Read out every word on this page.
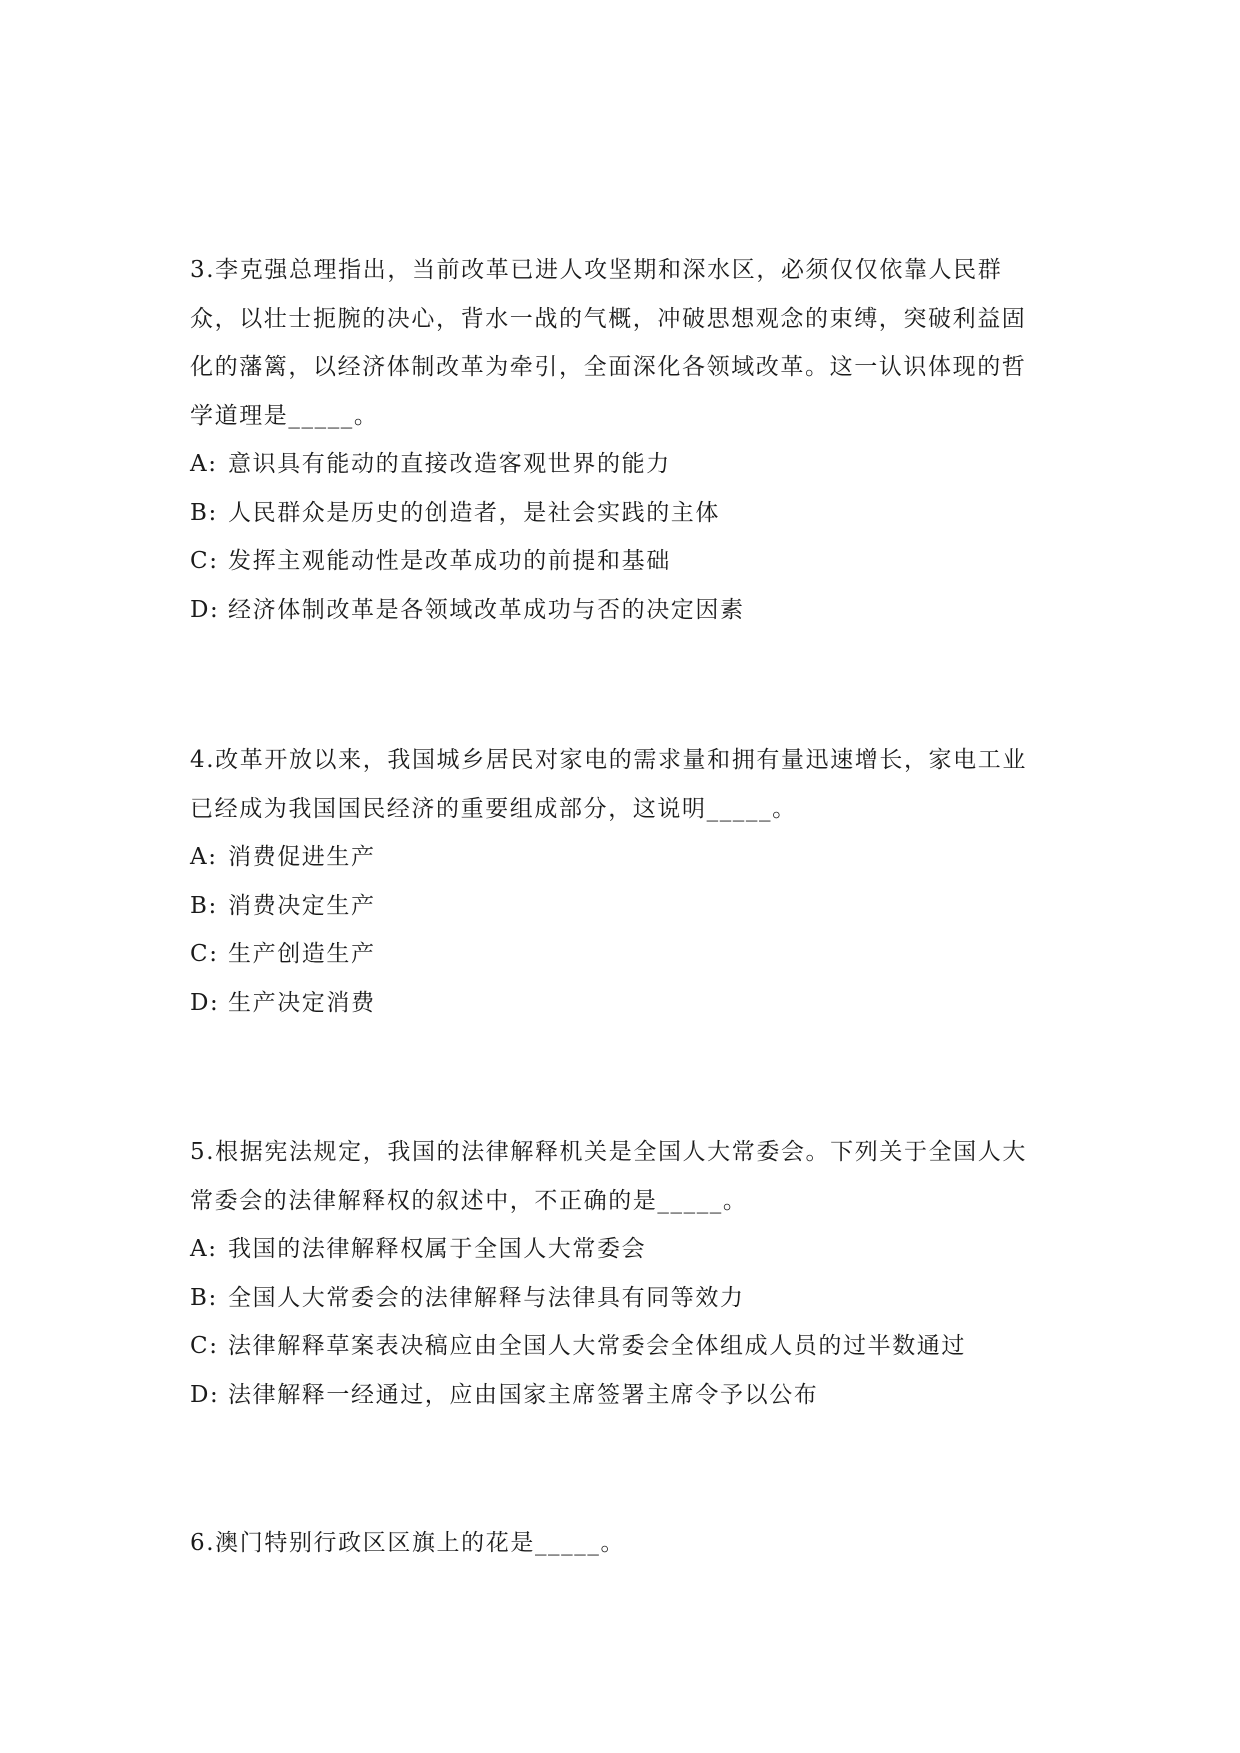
3.李克强总理指出，当前改革已进人攻坚期和深水区，必须仅仅依靠人民群众，以壮士扼腕的决心，背水一战的气概，冲破思想观念的束缚，突破利益固化的藩篱，以经济体制改革为牵引，全面深化各领域改革。这一认识体现的哲学道理是_____。

A: 意识具有能动的直接改造客观世界的能力
B: 人民群众是历史的创造者，是社会实践的主体
C: 发挥主观能动性是改革成功的前提和基础
D: 经济体制改革是各领域改革成功与否的决定因素

4.改革开放以来，我国城乡居民对家电的需求量和拥有量迅速增长，家电工业已经成为我国国民经济的重要组成部分，这说明_____。

A: 消费促进生产
B: 消费决定生产
C: 生产创造生产
D: 生产决定消费

5.根据宪法规定，我国的法律解释机关是全国人大常委会。下列关于全国人大常委会的法律解释权的叙述中，不正确的是_____。

A: 我国的法律解释权属于全国人大常委会
B: 全国人大常委会的法律解释与法律具有同等效力
C: 法律解释草案表决稿应由全国人大常委会全体组成人员的过半数通过
D: 法律解释一经通过，应由国家主席签署主席令予以公布

6.澳门特别行政区区旗上的花是_____。
